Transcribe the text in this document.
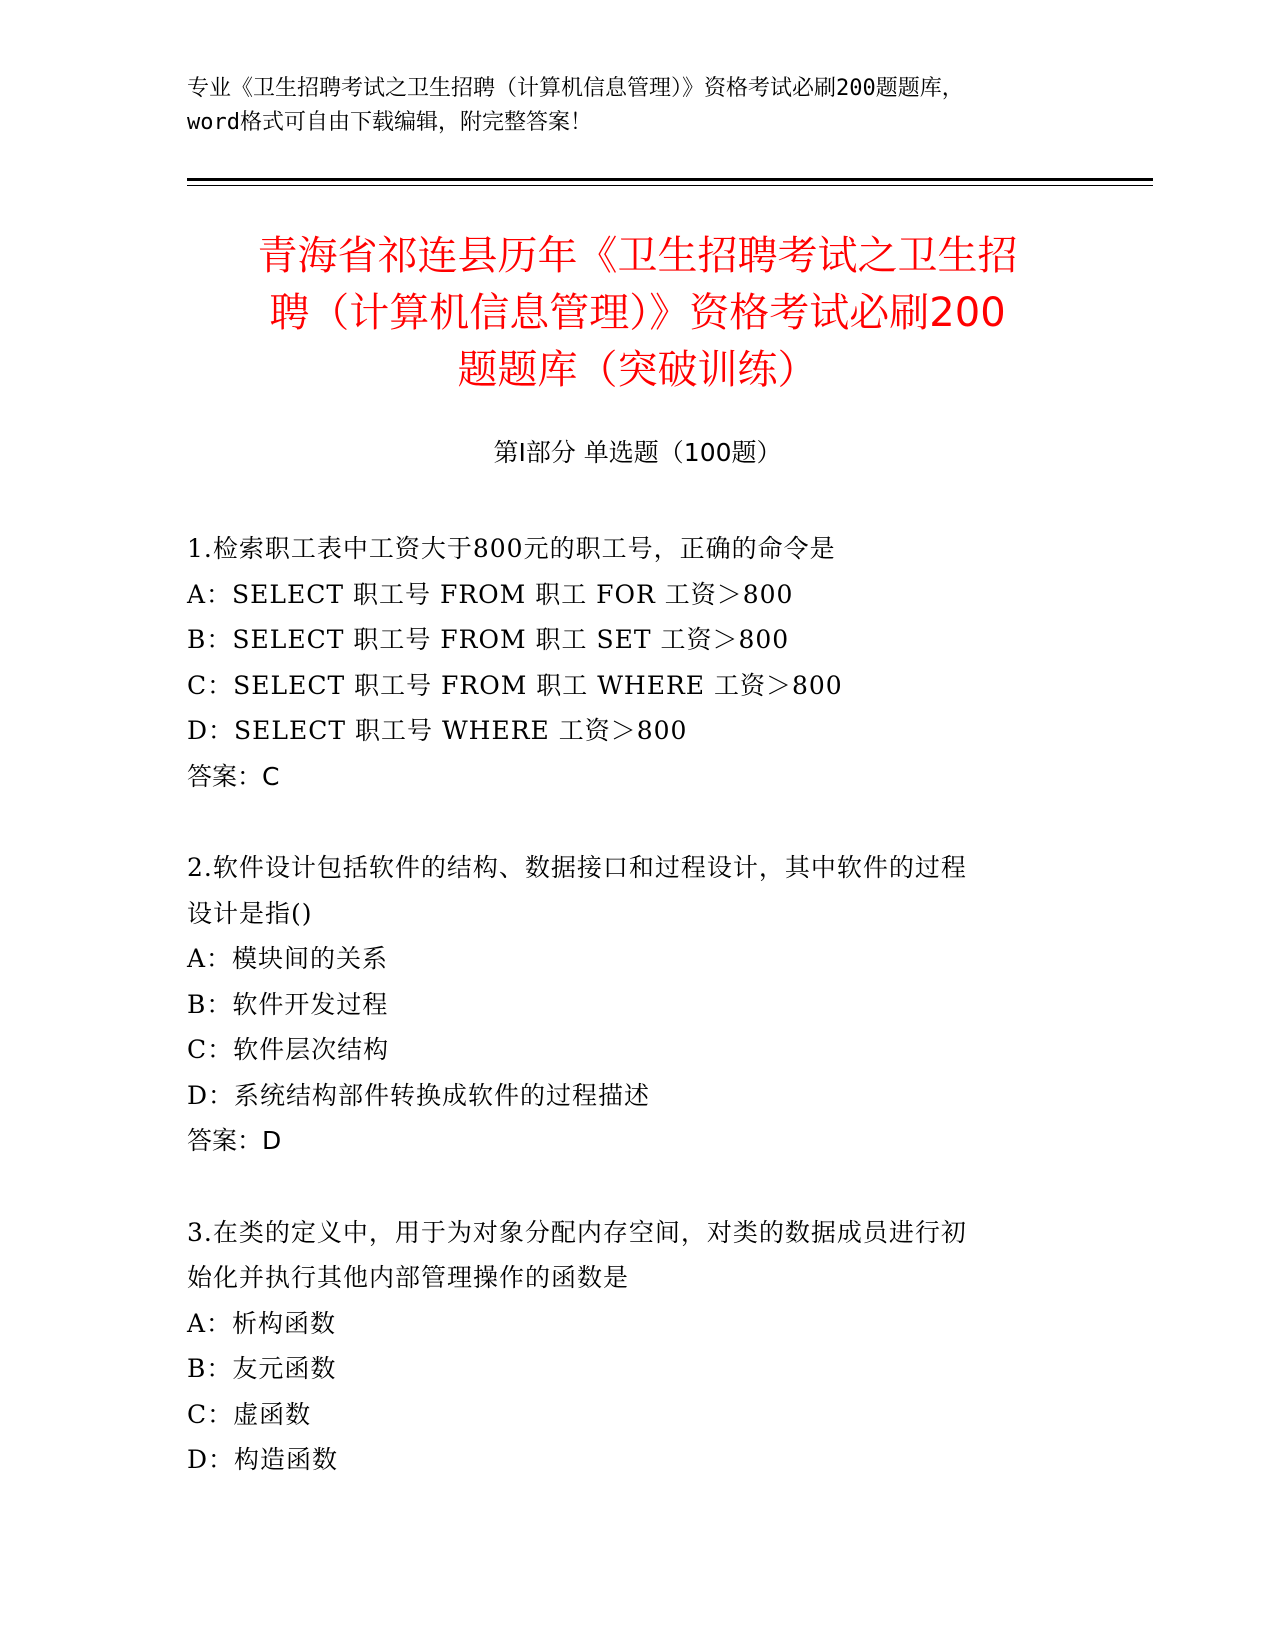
专业《卫生招聘考试之卫生招聘（计算机信息管理）》资格考试必刷200题题库，
word格式可自由下载编辑，附完整答案！
青海省祁连县历年《卫生招聘考试之卫生招
聘（计算机信息管理）》资格考试必刷200
题题库（突破训练）
第I部分 单选题（100题）
1.检索职工表中工资大于800元的职工号，正确的命令是
A：SELECT 职工号 FROM 职工 FOR 工资＞800
B：SELECT 职工号 FROM 职工 SET 工资＞800
C：SELECT 职工号 FROM 职工 WHERE 工资＞800
D：SELECT 职工号 WHERE 工资＞800
答案：C
2.软件设计包括软件的结构、数据接口和过程设计，其中软件的过程
设计是指()
A：模块间的关系
B：软件开发过程
C：软件层次结构
D：系统结构部件转换成软件的过程描述
答案：D
3.在类的定义中，用于为对象分配内存空间，对类的数据成员进行初
始化并执行其他内部管理操作的函数是
A：析构函数
B：友元函数
C：虚函数
D：构造函数
